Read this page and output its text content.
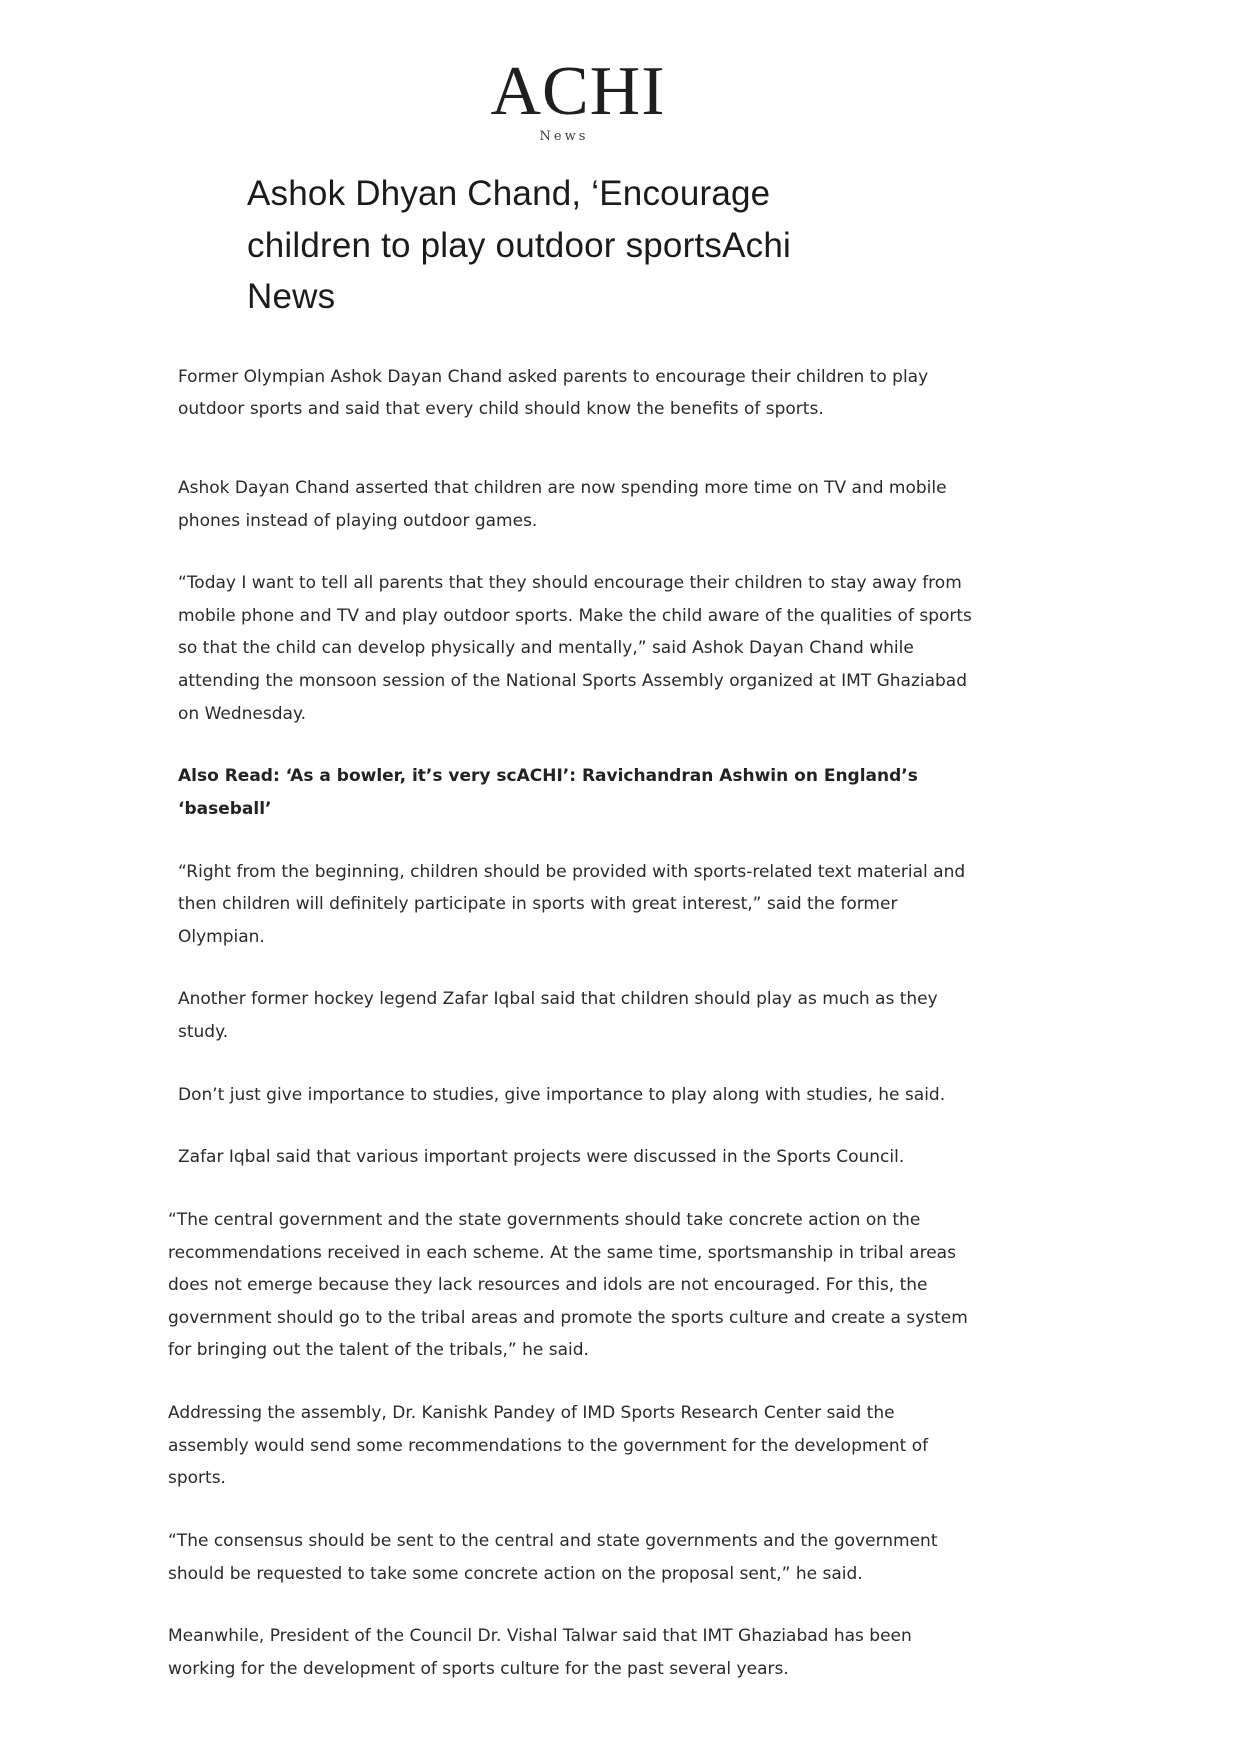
ACHI
News
Ashok Dhyan Chand, ‘Encourage children to play outdoor sportsAchi News

Former Olympian Ashok Dayan Chand asked parents to encourage their children to play outdoor sports and said that every child should know the benefits of sports.

Ashok Dayan Chand asserted that children are now spending more time on TV and mobile phones instead of playing outdoor games.

“Today I want to tell all parents that they should encourage their children to stay away from mobile phone and TV and play outdoor sports. Make the child aware of the qualities of sports so that the child can develop physically and mentally,” said Ashok Dayan Chand while attending the monsoon session of the National Sports Assembly organized at IMT Ghaziabad on Wednesday.

Also Read: ‘As a bowler, it’s very scACHI’: Ravichandran Ashwin on England’s ‘baseball’

“Right from the beginning, children should be provided with sports-related text material and then children will definitely participate in sports with great interest,” said the former Olympian.

Another former hockey legend Zafar Iqbal said that children should play as much as they study.

Don’t just give importance to studies, give importance to play along with studies, he said.

Zafar Iqbal said that various important projects were discussed in the Sports Council.

“The central government and the state governments should take concrete action on the recommendations received in each scheme. At the same time, sportsmanship in tribal areas does not emerge because they lack resources and idols are not encouraged. For this, the government should go to the tribal areas and promote the sports culture and create a system for bringing out the talent of the tribals,” he said.

Addressing the assembly, Dr. Kanishk Pandey of IMD Sports Research Center said the assembly would send some recommendations to the government for the development of sports.

“The consensus should be sent to the central and state governments and the government should be requested to take some concrete action on the proposal sent,” he said.

Meanwhile, President of the Council Dr. Vishal Talwar said that IMT Ghaziabad has been working for the development of sports culture for the past several years.
